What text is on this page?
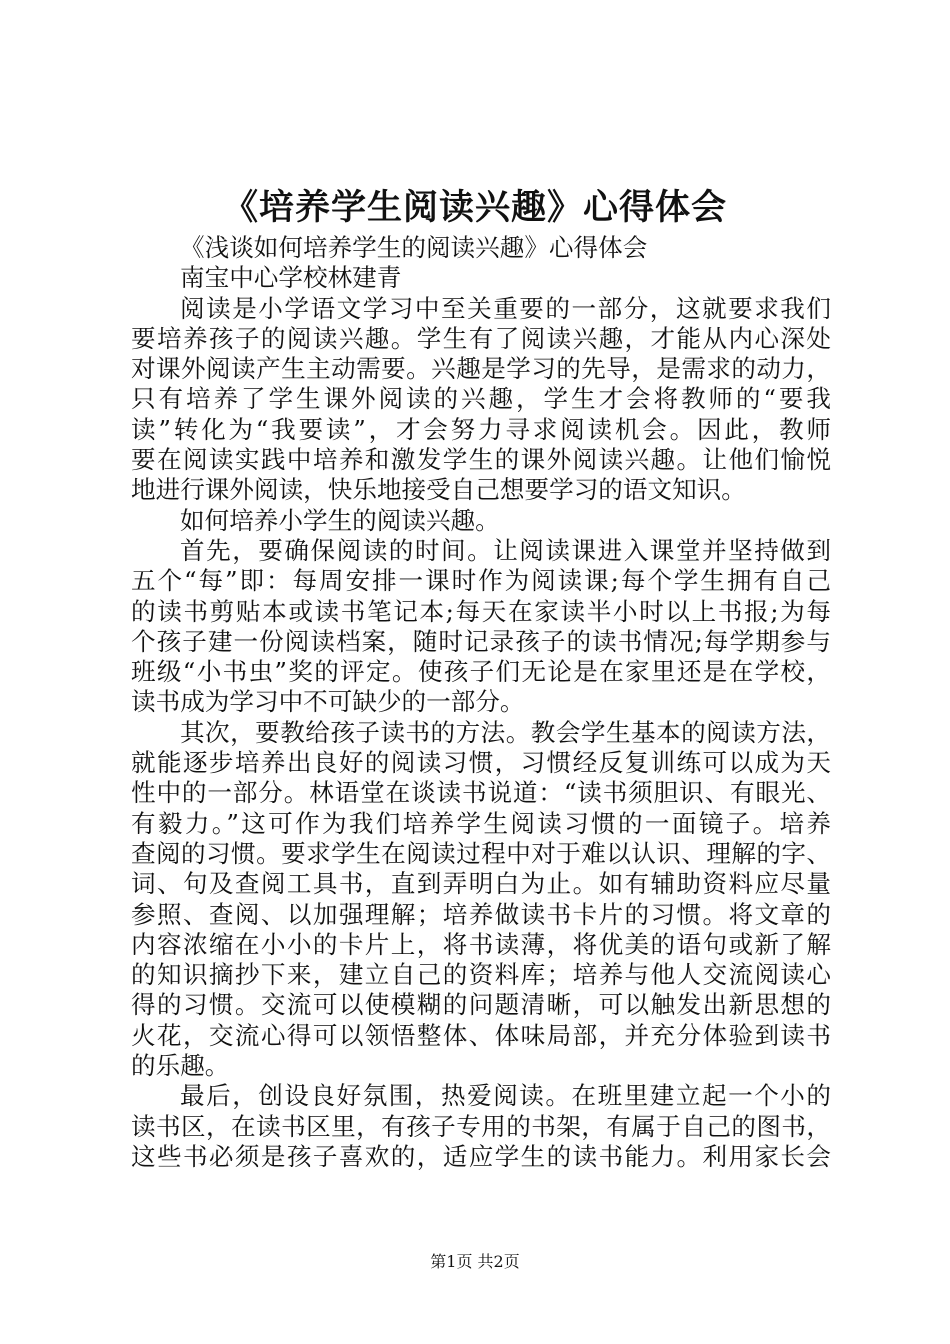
《培养学生阅读兴趣》心得体会
《浅谈如何培养学生的阅读兴趣》心得体会
南宝中心学校林建青
阅读是小学语文学习中至关重要的一部分，这就要求我们
要培养孩子的阅读兴趣。学生有了阅读兴趣，才能从内心深处
对课外阅读产生主动需要。兴趣是学习的先导，是需求的动力，
只有培养了学生课外阅读的兴趣，学生才会将教师的“要我
读”转化为“我要读”，才会努力寻求阅读机会。因此，教师
要在阅读实践中培养和激发学生的课外阅读兴趣。让他们愉悦
地进行课外阅读，快乐地接受自己想要学习的语文知识。
如何培养小学生的阅读兴趣。
首先，要确保阅读的时间。让阅读课进入课堂并坚持做到
五个“每”即：每周安排一课时作为阅读课;每个学生拥有自己
的读书剪贴本或读书笔记本;每天在家读半小时以上书报;为每
个孩子建一份阅读档案，随时记录孩子的读书情况;每学期参与
班级“小书虫”奖的评定。使孩子们无论是在家里还是在学校，
读书成为学习中不可缺少的一部分。
其次，要教给孩子读书的方法。教会学生基本的阅读方法，
就能逐步培养出良好的阅读习惯，习惯经反复训练可以成为天
性中的一部分。林语堂在谈读书说道：“读书须胆识、有眼光、
有毅力。”这可作为我们培养学生阅读习惯的一面镜子。培养
查阅的习惯。要求学生在阅读过程中对于难以认识、理解的字、
词、句及查阅工具书，直到弄明白为止。如有辅助资料应尽量
参照、查阅、以加强理解；培养做读书卡片的习惯。将文章的
内容浓缩在小小的卡片上，将书读薄，将优美的语句或新了解
的知识摘抄下来，建立自己的资料库；培养与他人交流阅读心
得的习惯。交流可以使模糊的问题清晰，可以触发出新思想的
火花，交流心得可以领悟整体、体味局部，并充分体验到读书
的乐趣。
最后，创设良好氛围，热爱阅读。在班里建立起一个小的
读书区，在读书区里，有孩子专用的书架，有属于自己的图书，
这些书必须是孩子喜欢的，适应学生的读书能力。利用家长会
第1页 共2页
